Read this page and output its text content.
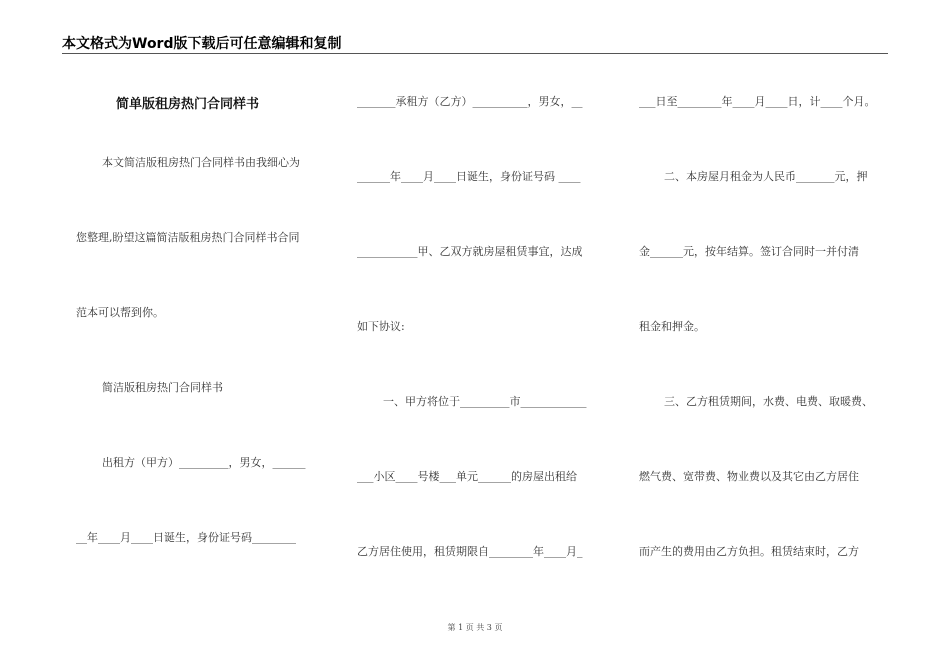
本文格式为Word版下载后可任意编辑和复制
简单版租房热门合同样书
本文简洁版租房热门合同样书由我细心为
您整理,盼望这篇简洁版租房热门合同样书合同
范本可以帮到你。
简洁版租房热门合同样书
出租方（甲方）_________，男女，______
__年____月____日诞生，身份证号码________
_______承租方（乙方）__________，男女，__
______年____月____日诞生，身份证号码 ____
___________甲、乙双方就房屋租赁事宜，达成
如下协议:
一、甲方将位于_________市____________
___小区____号楼___单元______的房屋出租给
乙方居住使用，租赁期限自________年____月_
___日至________年____月____日，计____个月。
二、本房屋月租金为人民币_______元，押
金______元，按年结算。签订合同时一并付清
租金和押金。
三、乙方租赁期间，水费、电费、取暖费、
燃气费、宽带费、物业费以及其它由乙方居住
而产生的费用由乙方负担。租赁结束时，乙方
第 1 页 共 3 页
